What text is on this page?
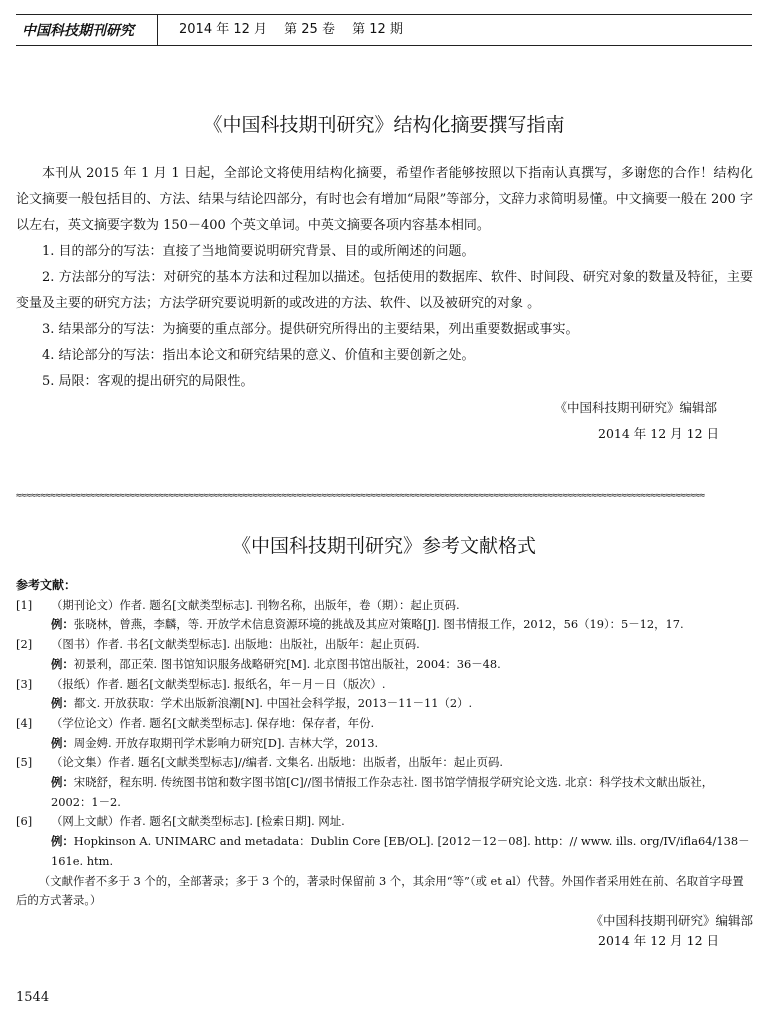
中国科技期刊研究	2014 年 12 月　 第 25 卷　 第 12 期
《中国科技期刊研究》结构化摘要撰写指南

本刊从 2015 年 1 月 1 日起，全部论文将使用结构化摘要，希望作者能够按照以下指南认真撰写，多谢您的合作！结构化论文摘要一般包括目的、方法、结果与结论四部分，有时也会有增加“局限”等部分，文辞力求简明易懂。中文摘要一般在 200 字以左右，英文摘要字数为 150－400 个英文单词。中英文摘要各项内容基本相同。

1. 目的部分的写法：直接了当地简要说明研究背景、目的或所阐述的问题。

2. 方法部分的写法：对研究的基本方法和过程加以描述。包括使用的数据库、软件、时间段、研究对象的数量及特征，主要变量及主要的研究方法；方法学研究要说明新的或改进的方法、软件、以及被研究的对象 。

3. 结果部分的写法：为摘要的重点部分。提供研究所得出的主要结果，列出重要数据或事实。

4. 结论部分的写法：指出本论文和研究结果的意义、价值和主要创新之处。

5. 局限：客观的提出研究的局限性。

《中国科技期刊研究》编辑部
2014 年 12 月 12 日
≈≈≈≈≈≈≈≈≈≈≈≈≈≈≈≈≈≈≈≈≈≈≈≈≈≈≈≈≈≈≈≈≈≈≈≈≈≈≈≈≈≈≈≈≈≈≈≈≈≈≈≈≈≈≈≈≈≈≈≈≈≈≈≈≈≈≈≈≈≈≈≈≈≈≈≈≈≈≈≈≈≈≈≈≈≈≈≈≈≈≈≈≈≈≈≈≈≈≈≈≈≈≈≈≈≈≈≈≈≈≈≈≈≈≈≈≈≈≈≈≈≈≈≈≈≈≈≈≈≈≈≈≈≈≈≈≈≈≈≈
《中国科技期刊研究》参考文献格式
参考文献：
[1] （期刊论文）作者. 题名[文献类型标志]. 刊物名称，出版年，卷（期）：起止页码.
例：张晓林，曾燕，李麟，等. 开放学术信息资源环境的挑战及其应对策略[J]. 图书情报工作，2012，56（19）：5－12，17.
[2] （图书）作者. 书名[文献类型标志]. 出版地：出版社，出版年：起止页码.
例：初景利，邵正荣. 图书馆知识服务战略研究[M]. 北京图书馆出版社，2004：36－48.
[3] （报纸）作者. 题名[文献类型标志]. 报纸名，年－月－日（版次）.
例：都文. 开放获取：学术出版新浪潮[N]. 中国社会科学报，2013－11－11（2）.
[4] （学位论文）作者. 题名[文献类型标志]. 保存地：保存者，年份.
例：周金娉. 开放存取期刊学术影响力研究[D]. 吉林大学，2013.
[5] （论文集）作者. 题名[文献类型标志]//编者. 文集名. 出版地：出版者，出版年：起止页码.
例：宋晓舒，程东明. 传统图书馆和数字图书馆[C]//图书情报工作杂志社. 图书馆学情报学研究论文选. 北京：科学技术文献出版社，2002：1－2.
[6] （网上文献）作者. 题名[文献类型标志]. [检索日期]. 网址.
例：Hopkinson A. UNIMARC and metadata：Dublin Core [EB/OL]. [2012－12－08]. http：// www. ills. org/IV/ifla64/138－161e. htm.
（文献作者不多于 3 个的，全部著录；多于 3 个的，著录时保留前 3 个，其余用“等”（或 et al）代替。外国作者采用姓在前、名取首字母置后的方式著录。）
《中国科技期刊研究》编辑部
2014 年 12 月 12 日
1544
